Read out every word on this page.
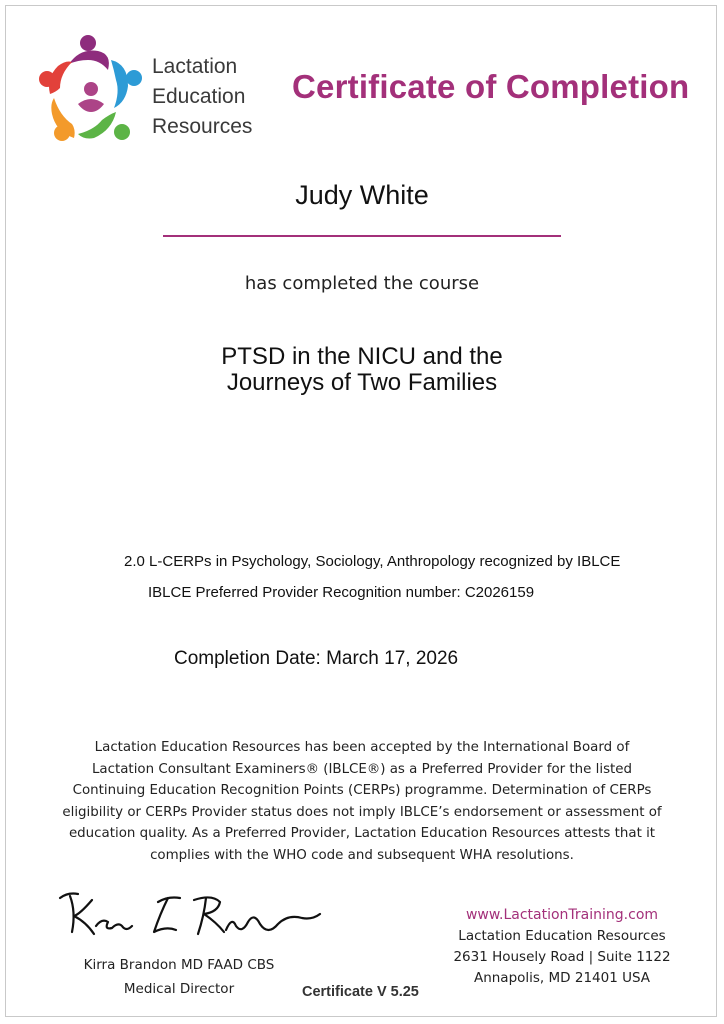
Lactation
Education
Resources
Certificate of Completion
Judy White
has completed the course
PTSD in the NICU and the
Journeys of Two Families
2.0 L-CERPs in Psychology, Sociology, Anthropology recognized by IBLCE
IBLCE Preferred Provider Recognition number: C2026159
Completion Date: March 17, 2026
Lactation Education Resources has been accepted by the International Board of
Lactation Consultant Examiners® (IBLCE®) as a Preferred Provider for the listed
Continuing Education Recognition Points (CERPs) programme. Determination of CERPs
eligibility or CERPs Provider status does not imply IBLCE’s endorsement or assessment of
education quality. As a Preferred Provider, Lactation Education Resources attests that it
complies with the WHO code and subsequent WHA resolutions.
Kirra Brandon MD FAAD CBS
Medical Director	Certificate V 5.25
www.LactationTraining.com
Lactation Education Resources
2631 Housely Road | Suite 1122
Annapolis, MD 21401 USA
